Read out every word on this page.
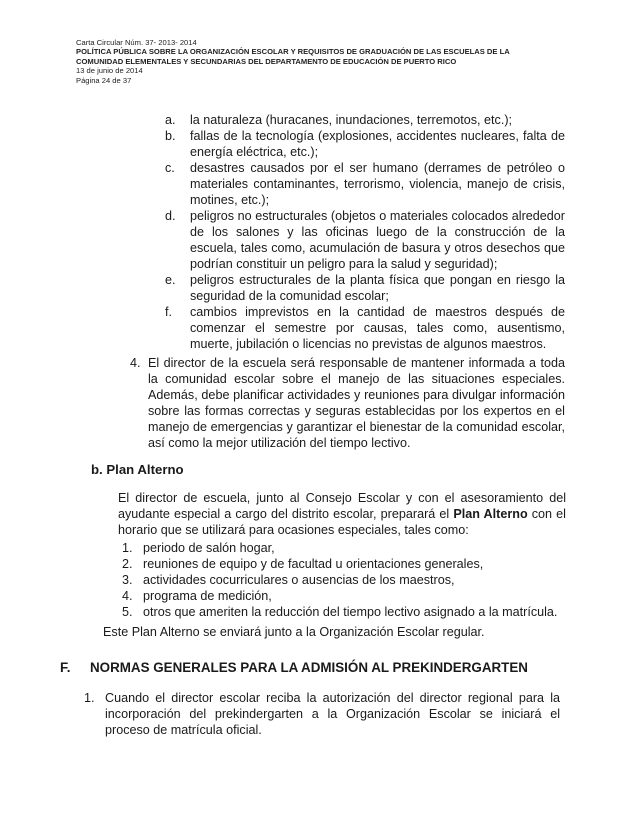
Carta Circular Núm. 37- 2013- 2014
POLÍTICA PÚBLICA SOBRE LA ORGANIZACIÓN ESCOLAR Y REQUISITOS DE GRADUACIÓN DE LAS ESCUELAS DE LA
COMUNIDAD ELEMENTALES Y SECUNDARIAS DEL DEPARTAMENTO DE EDUCACIÓN DE PUERTO RICO
13 de junio de 2014
Página 24 de 37
a. la naturaleza (huracanes, inundaciones, terremotos, etc.);
b. fallas de la tecnología (explosiones, accidentes nucleares, falta de energía eléctrica, etc.);
c. desastres causados por el ser humano (derrames de petróleo o materiales contaminantes, terrorismo, violencia, manejo de crisis, motines, etc.);
d. peligros no estructurales (objetos o materiales colocados alrededor de los salones y las oficinas luego de la construcción de la escuela, tales como, acumulación de basura y otros desechos que podrían constituir un peligro para la salud y seguridad);
e. peligros estructurales de la planta física que pongan en riesgo la seguridad de la comunidad escolar;
f. cambios imprevistos en la cantidad de maestros después de comenzar el semestre por causas, tales como, ausentismo, muerte, jubilación o licencias no previstas de algunos maestros.
4. El director de la escuela será responsable de mantener informada a toda la comunidad escolar sobre el manejo de las situaciones especiales. Además, debe planificar actividades y reuniones para divulgar información sobre las formas correctas y seguras establecidas por los expertos en el manejo de emergencias y garantizar el bienestar de la comunidad escolar, así como la mejor utilización del tiempo lectivo.
b. Plan Alterno
El director de escuela, junto al Consejo Escolar y con el asesoramiento del ayudante especial a cargo del distrito escolar, preparará el Plan Alterno con el horario que se utilizará para ocasiones especiales, tales como:
1. periodo de salón hogar,
2. reuniones de equipo y de facultad u orientaciones generales,
3. actividades cocurriculares o ausencias de los maestros,
4. programa de medición,
5. otros que ameriten la reducción del tiempo lectivo asignado a la matrícula.
Este Plan Alterno se enviará junto a la Organización Escolar regular.
F. NORMAS GENERALES PARA LA ADMISIÓN AL PREKINDERGARTEN
1. Cuando el director escolar reciba la autorización del director regional para la incorporación del prekindergarten a la Organización Escolar se iniciará el proceso de matrícula oficial.
